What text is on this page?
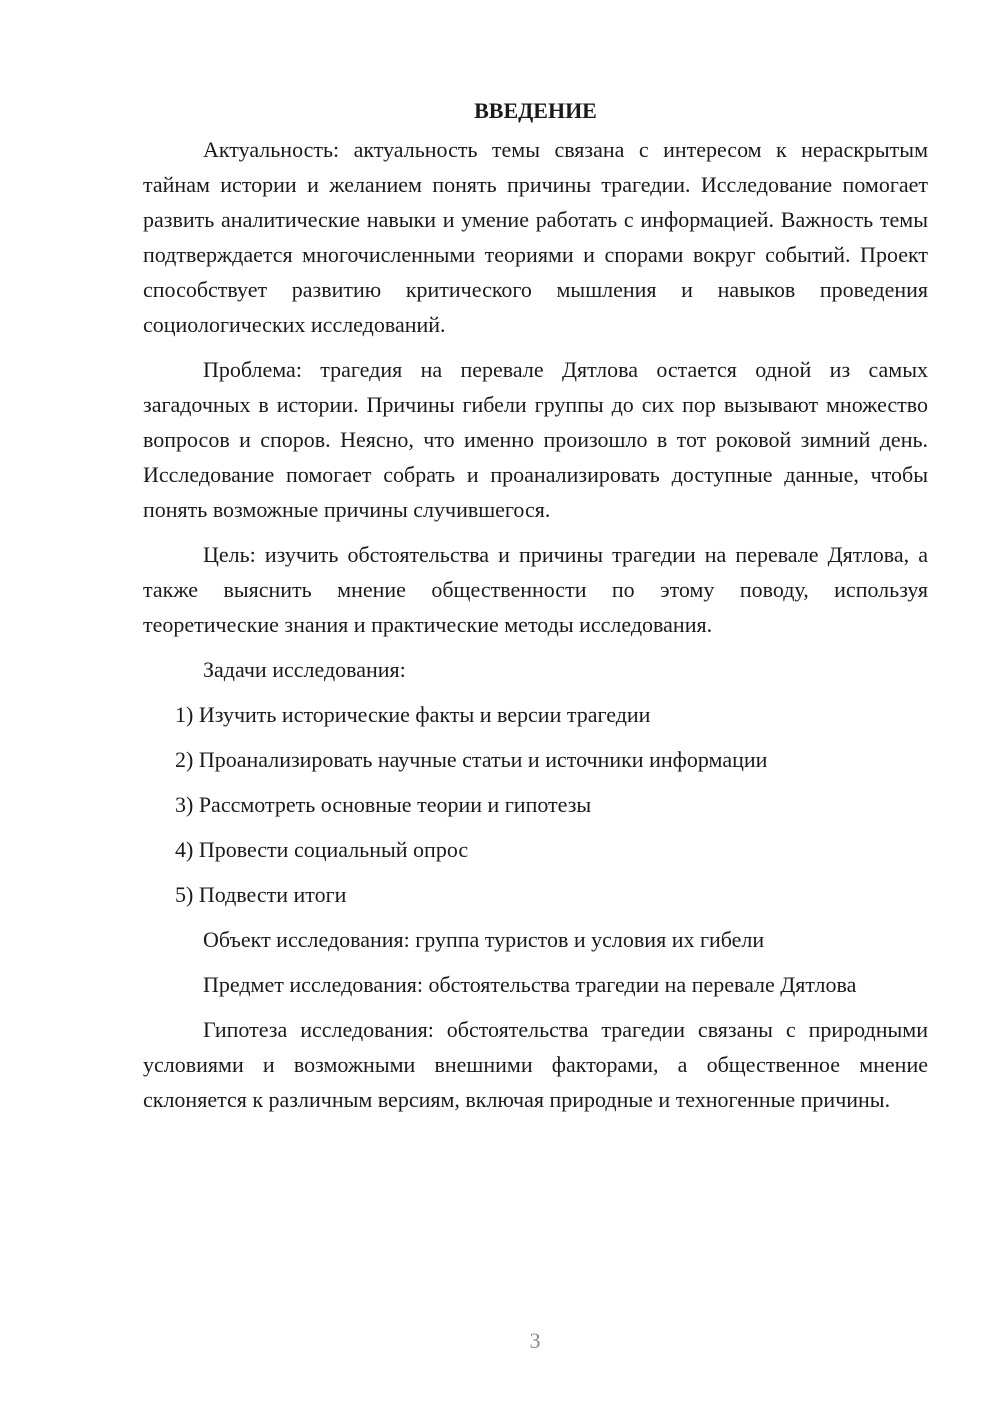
ВВЕДЕНИЕ

Актуальность: актуальность темы связана с интересом к нераскрытым тайнам истории и желанием понять причины трагедии. Исследование помогает развить аналитические навыки и умение работать с информацией. Важность темы подтверждается многочисленными теориями и спорами вокруг событий. Проект способствует развитию критического мышления и навыков проведения социологических исследований.

Проблема: трагедия на перевале Дятлова остается одной из самых загадочных в истории. Причины гибели группы до сих пор вызывают множество вопросов и споров. Неясно, что именно произошло в тот роковой зимний день. Исследование помогает собрать и проанализировать доступные данные, чтобы понять возможные причины случившегося.

Цель: изучить обстоятельства и причины трагедии на перевале Дятлова, а также выяснить мнение общественности по этому поводу, используя теоретические знания и практические методы исследования.

Задачи исследования:
1) Изучить исторические факты и версии трагедии
2) Проанализировать научные статьи и источники информации
3) Рассмотреть основные теории и гипотезы
4) Провести социальный опрос
5) Подвести итоги
Объект исследования: группа туристов и условия их гибели

Предмет исследования: обстоятельства трагедии на перевале Дятлова

Гипотеза исследования: обстоятельства трагедии связаны с природными условиями и возможными внешними факторами, а общественное мнение склоняется к различным версиям, включая природные и техногенные причины.

3
